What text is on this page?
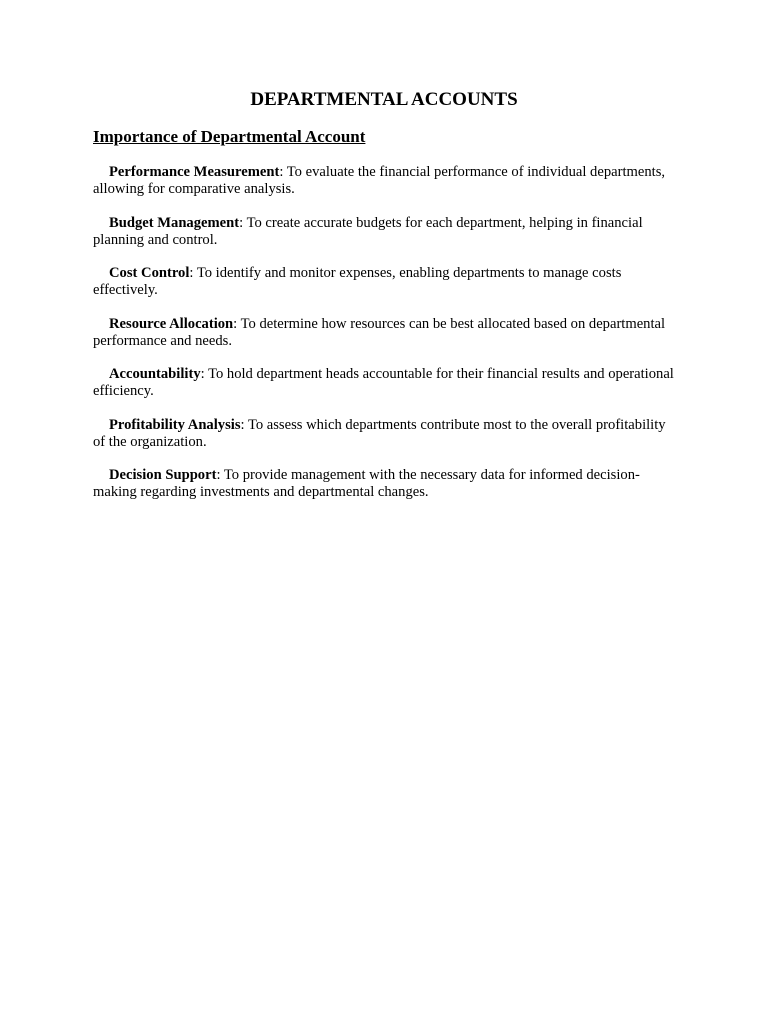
DEPARTMENTAL ACCOUNTS
Importance of Departmental Account

Performance Measurement: To evaluate the financial performance of individual departments, allowing for comparative analysis.

Budget Management: To create accurate budgets for each department, helping in financial planning and control.

Cost Control: To identify and monitor expenses, enabling departments to manage costs effectively.

Resource Allocation: To determine how resources can be best allocated based on departmental performance and needs.

Accountability: To hold department heads accountable for their financial results and operational efficiency.

Profitability Analysis: To assess which departments contribute most to the overall profitability of the organization.

Decision Support: To provide management with the necessary data for informed decision-making regarding investments and departmental changes.
